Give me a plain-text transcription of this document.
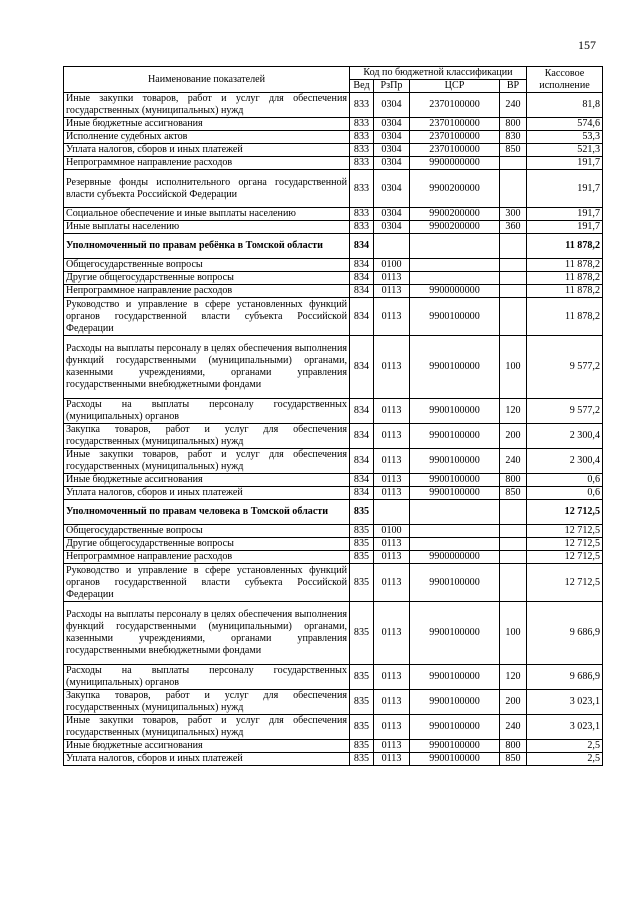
157
Наименование показателей	Код по бюджетной классификации				Кассовое исполнение
	Вед	РзПр	ЦСР	ВР	
Иные закупки товаров, работ и услуг для обеспечения государственных (муниципальных) нужд	833	0304	2370100000	240	81,8
Иные бюджетные ассигнования	833	0304	2370100000	800	574,6
Исполнение судебных актов	833	0304	2370100000	830	53,3
Уплата налогов, сборов и иных платежей	833	0304	2370100000	850	521,3
Непрограммное направление расходов	833	0304	9900000000		191,7
Резервные фонды исполнительного органа государственной власти субъекта Российской Федерации	833	0304	9900200000		191,7
Социальное обеспечение и иные выплаты населению	833	0304	9900200000	300	191,7
Иные выплаты населению	833	0304	9900200000	360	191,7
Уполномоченный по правам ребёнка в Томской области	834				11 878,2
Общегосударственные вопросы	834	0100			11 878,2
Другие общегосударственные вопросы	834	0113			11 878,2
Непрограммное направление расходов	834	0113	9900000000		11 878,2
Руководство и управление в сфере установленных функций органов государственной власти субъекта Российской Федерации	834	0113	9900100000		11 878,2
Расходы на выплаты персоналу в целях обеспечения выполнения функций государственными (муниципальными) органами, казенными учреждениями, органами управления государственными внебюджетными фондами	834	0113	9900100000	100	9 577,2
Расходы на выплаты персоналу государственных (муниципальных) органов	834	0113	9900100000	120	9 577,2
Закупка товаров, работ и услуг для обеспечения государственных (муниципальных) нужд	834	0113	9900100000	200	2 300,4
Иные закупки товаров, работ и услуг для обеспечения государственных (муниципальных) нужд	834	0113	9900100000	240	2 300,4
Иные бюджетные ассигнования	834	0113	9900100000	800	0,6
Уплата налогов, сборов и иных платежей	834	0113	9900100000	850	0,6
Уполномоченный по правам человека в Томской области	835				12 712,5
Общегосударственные вопросы	835	0100			12 712,5
Другие общегосударственные вопросы	835	0113			12 712,5
Непрограммное направление расходов	835	0113	9900000000		12 712,5
Руководство и управление в сфере установленных функций органов государственной власти субъекта Российской Федерации	835	0113	9900100000		12 712,5
Расходы на выплаты персоналу в целях обеспечения выполнения функций государственными (муниципальными) органами, казенными учреждениями, органами управления государственными внебюджетными фондами	835	0113	9900100000	100	9 686,9
Расходы на выплаты персоналу государственных (муниципальных) органов	835	0113	9900100000	120	9 686,9
Закупка товаров, работ и услуг для обеспечения государственных (муниципальных) нужд	835	0113	9900100000	200	3 023,1
Иные закупки товаров, работ и услуг для обеспечения государственных (муниципальных) нужд	835	0113	9900100000	240	3 023,1
Иные бюджетные ассигнования	835	0113	9900100000	800	2,5
Уплата налогов, сборов и иных платежей	835	0113	9900100000	850	2,5
